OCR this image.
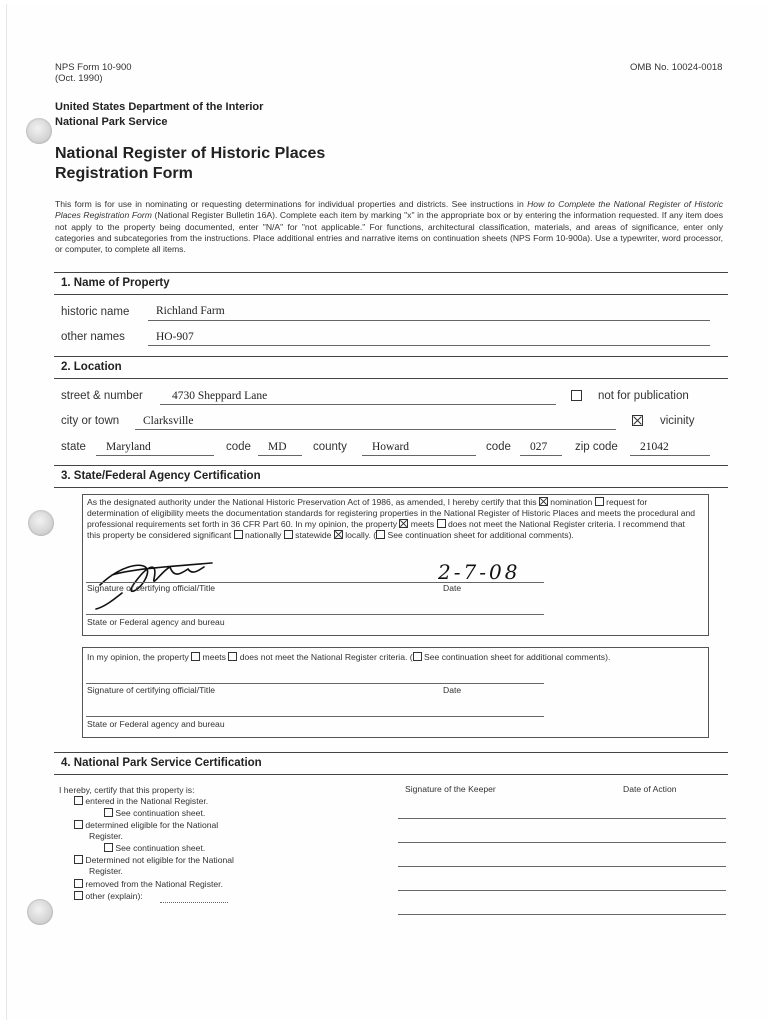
NPS Form 10-900
(Oct. 1990)
OMB No. 10024-0018
United States Department of the Interior
National Park Service
National Register of Historic Places
Registration Form
This form is for use in nominating or requesting determinations for individual properties and districts. See instructions in How to Complete the National Register of Historic Places Registration Form (National Register Bulletin 16A). Complete each item by marking "x" in the appropriate box or by entering the information requested. If any item does not apply to the property being documented, enter "N/A" for "not applicable." For functions, architectural classification, materials, and areas of significance, enter only categories and subcategories from the instructions. Place additional entries and narrative items on continuation sheets (NPS Form 10-900a). Use a typewriter, word processor, or computer, to complete all items.
1. Name of Property
historic name Richland Farm
other names	HO-907
2. Location
street & number	4730 Sheppard Lane	not for publication
city or town Clarksville	vicinity
state Maryland	code MD county Howard	code 027 zip code 21042
3. State/Federal Agency Certification
As the designated authority under the National Historic Preservation Act of 1986, as amended, I hereby certify that this nomination request for determination of eligibility meets the documentation standards for registering properties in the National Register of Historic Places and meets the procedural and professional requirements set forth in 36 CFR Part 60. In my opinion, the property meets does not meet the National Register criteria. I recommend that this property be considered significant nationally statewide locally. ( See continuation sheet for additional comments).
2-7-08
Signature of certifying official/Title	Date
State or Federal agency and bureau
In my opinion, the property meets does not meet the National Register criteria. ( See continuation sheet for additional comments).
Signature of certifying official/Title	Date
State or Federal agency and bureau
4. National Park Service Certification
I hereby, certify that this property is:	Signature of the Keeper	Date of Action
entered in the National Register.
See continuation sheet.
determined eligible for the National
Register.
See continuation sheet.
Determined not eligible for the National
Register.
removed from the National Register.
other (explain):
